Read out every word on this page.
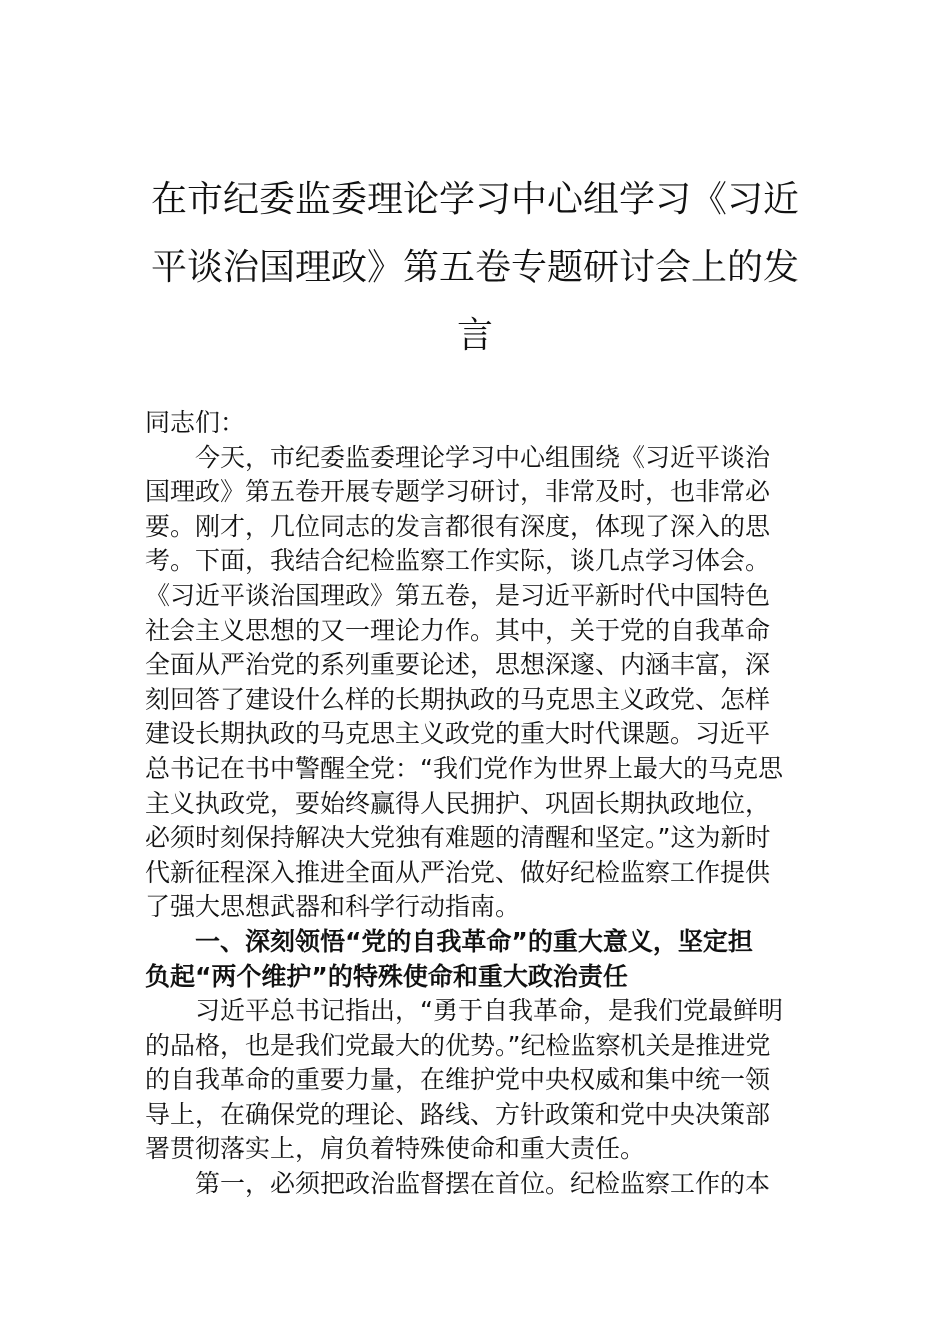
在市纪委监委理论学习中心组学习《习近
平谈治国理政》第五卷专题研讨会上的发
言
同志们：
今天，市纪委监委理论学习中心组围绕《习近平谈治
国理政》第五卷开展专题学习研讨，非常及时，也非常必
要。刚才，几位同志的发言都很有深度，体现了深入的思
考。下面，我结合纪检监察工作实际，谈几点学习体会。
《习近平谈治国理政》第五卷，是习近平新时代中国特色
社会主义思想的又一理论力作。其中，关于党的自我革命
全面从严治党的系列重要论述，思想深邃、内涵丰富，深
刻回答了建设什么样的长期执政的马克思主义政党、怎样
建设长期执政的马克思主义政党的重大时代课题。习近平
总书记在书中警醒全党：“我们党作为世界上最大的马克思
主义执政党，要始终赢得人民拥护、巩固长期执政地位，
必须时刻保持解决大党独有难题的清醒和坚定。”这为新时
代新征程深入推进全面从严治党、做好纪检监察工作提供
了强大思想武器和科学行动指南。
一、深刻领悟“党的自我革命”的重大意义，坚定担
负起“两个维护”的特殊使命和重大政治责任
习近平总书记指出，“勇于自我革命，是我们党最鲜明
的品格，也是我们党最大的优势。”纪检监察机关是推进党
的自我革命的重要力量，在维护党中央权威和集中统一领
导上，在确保党的理论、路线、方针政策和党中央决策部
署贯彻落实上，肩负着特殊使命和重大责任。
第一，必须把政治监督摆在首位。纪检监察工作的本
